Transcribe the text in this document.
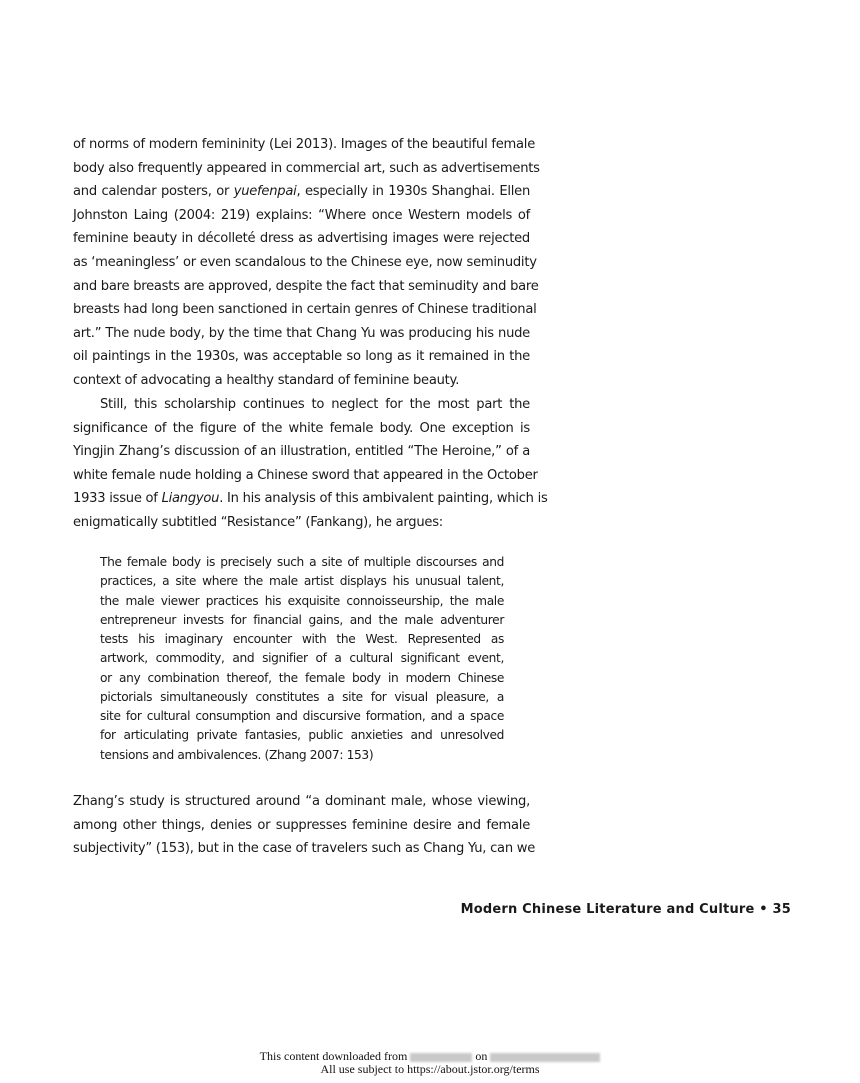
of norms of modern femininity (Lei 2013). Images of the beautiful female
body also frequently appeared in commercial art, such as advertisements
and calendar posters, or yuefenpai, especially in 1930s Shanghai. Ellen
Johnston Laing (2004: 219) explains: “Where once Western models of
feminine beauty in décolleté dress as advertising images were rejected
as ‘meaningless’ or even scandalous to the Chinese eye, now seminudity
and bare breasts are approved, despite the fact that seminudity and bare
breasts had long been sanctioned in certain genres of Chinese traditional
art.” The nude body, by the time that Chang Yu was producing his nude
oil paintings in the 1930s, was acceptable so long as it remained in the
context of advocating a healthy standard of feminine beauty.
Still, this scholarship continues to neglect for the most part the
significance of the figure of the white female body. One exception is
Yingjin Zhang’s discussion of an illustration, entitled “The Heroine,” of a
white female nude holding a Chinese sword that appeared in the October
1933 issue of Liangyou. In his analysis of this ambivalent painting, which is
enigmatically subtitled “Resistance” (Fankang), he argues:
The female body is precisely such a site of multiple discourses and
practices, a site where the male artist displays his unusual talent,
the male viewer practices his exquisite connoisseurship, the male
entrepreneur invests for financial gains, and the male adventurer
tests his imaginary encounter with the West. Represented as
artwork, commodity, and signifier of a cultural significant event,
or any combination thereof, the female body in modern Chinese
pictorials simultaneously constitutes a site for visual pleasure, a
site for cultural consumption and discursive formation, and a space
for articulating private fantasies, public anxieties and unresolved
tensions and ambivalences. (Zhang 2007: 153)
Zhang’s study is structured around “a dominant male, whose viewing,
among other things, denies or suppresses feminine desire and female
subjectivity” (153), but in the case of travelers such as Chang Yu, can we
Modern Chinese Literature and Culture • 35
This content downloaded from	on
All use subject to https://about.jstor.org/terms
